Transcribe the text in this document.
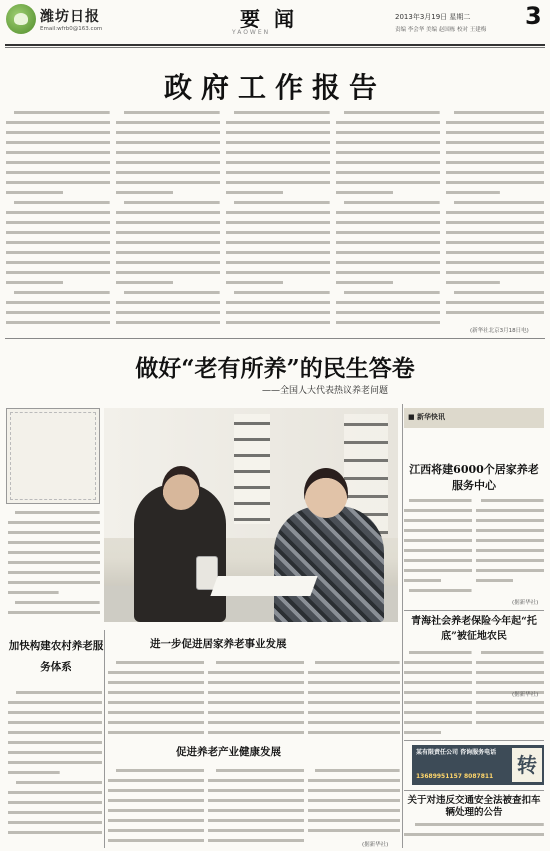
潍坊日报
Email:wfrb0@163.com	要闻
YAOWEN
2013年3月19日 星期二
责编 李会华 美编 赵国栋 校对 王建梅 3
政府工作报告
(新华社北京3月18日电)
做好“老有所养”的民生答卷
——全国人大代表热议养老问题
■ 新华快讯
江西将建6000个居家养老服务中心
(据新华社)
青海社会养老保险今年起“托底”被征地农民
(据新华社)
加快构建农村养老服务体系
进一步促进居家养老事业发展
促进养老产业健康发展
(据新华社)
某有限责任公司 咨询服务电话
13689951157 8087811 转
关于对违反交通安全法被查扣车辆处理的公告
